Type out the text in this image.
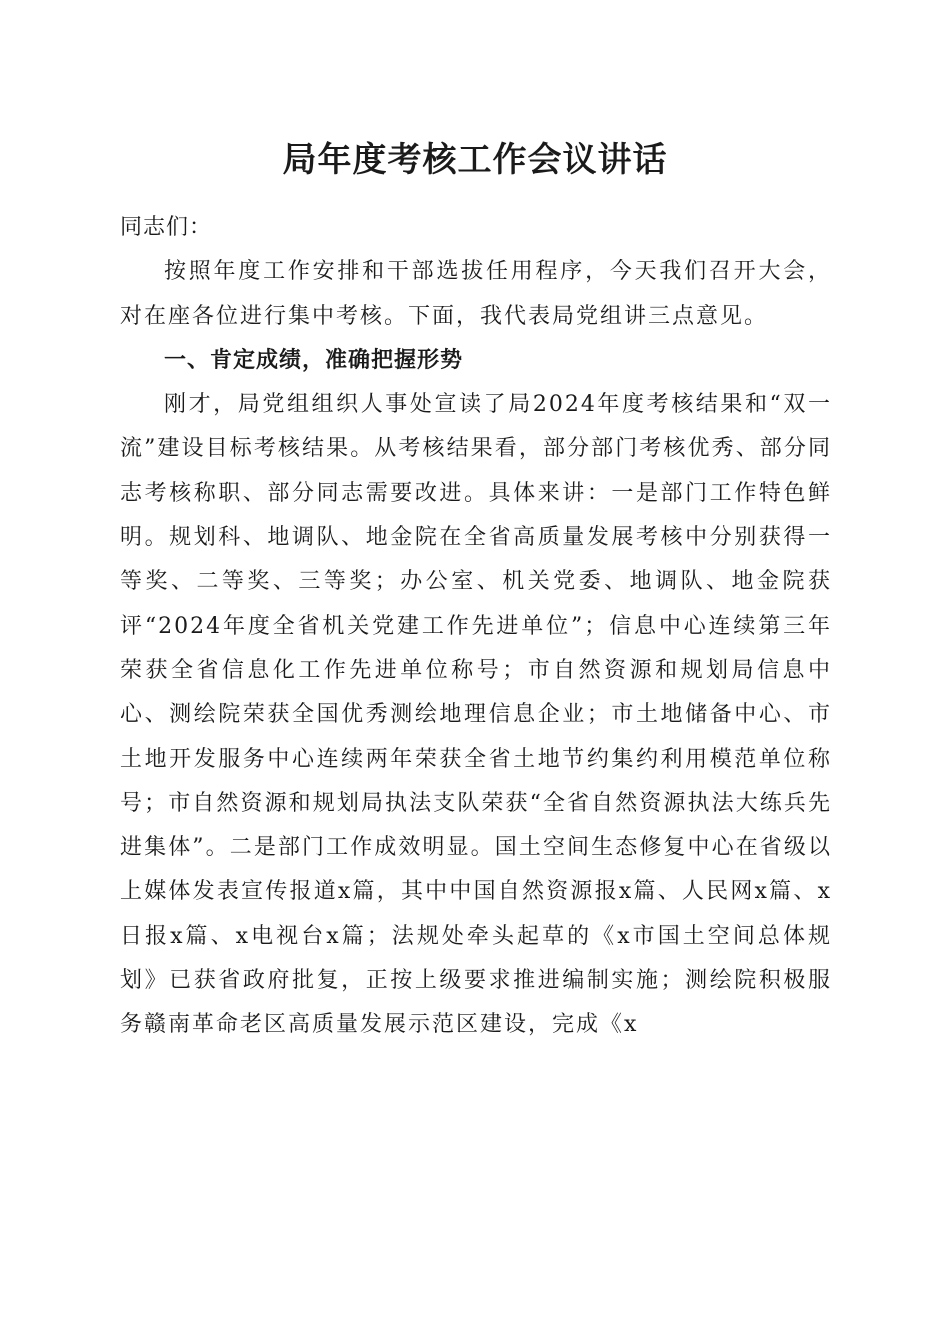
局年度考核工作会议讲话

同志们：

按照年度工作安排和干部选拔任用程序，今天我们召开大会，对在座各位进行集中考核。下面，我代表局党组讲三点意见。

一、肯定成绩，准确把握形势

刚才，局党组组织人事处宣读了局2024年度考核结果和“双一流”建设目标考核结果。从考核结果看，部分部门考核优秀、部分同志考核称职、部分同志需要改进。具体来讲：一是部门工作特色鲜明。规划科、地调队、地金院在全省高质量发展考核中分别获得一等奖、二等奖、三等奖；办公室、机关党委、地调队、地金院获评“2024年度全省机关党建工作先进单位”；信息中心连续第三年荣获全省信息化工作先进单位称号；市自然资源和规划局信息中心、测绘院荣获全国优秀测绘地理信息企业；市土地储备中心、市土地开发服务中心连续两年荣获全省土地节约集约利用模范单位称号；市自然资源和规划局执法支队荣获“全省自然资源执法大练兵先进集体”。二是部门工作成效明显。国土空间生态修复中心在省级以上媒体发表宣传报道x篇，其中中国自然资源报x篇、人民网x篇、x日报x篇、x电视台x篇；法规处牵头起草的《x市国土空间总体规划》已获省政府批复，正按上级要求推进编制实施；测绘院积极服务赣南革命老区高质量发展示范区建设，完成《x
